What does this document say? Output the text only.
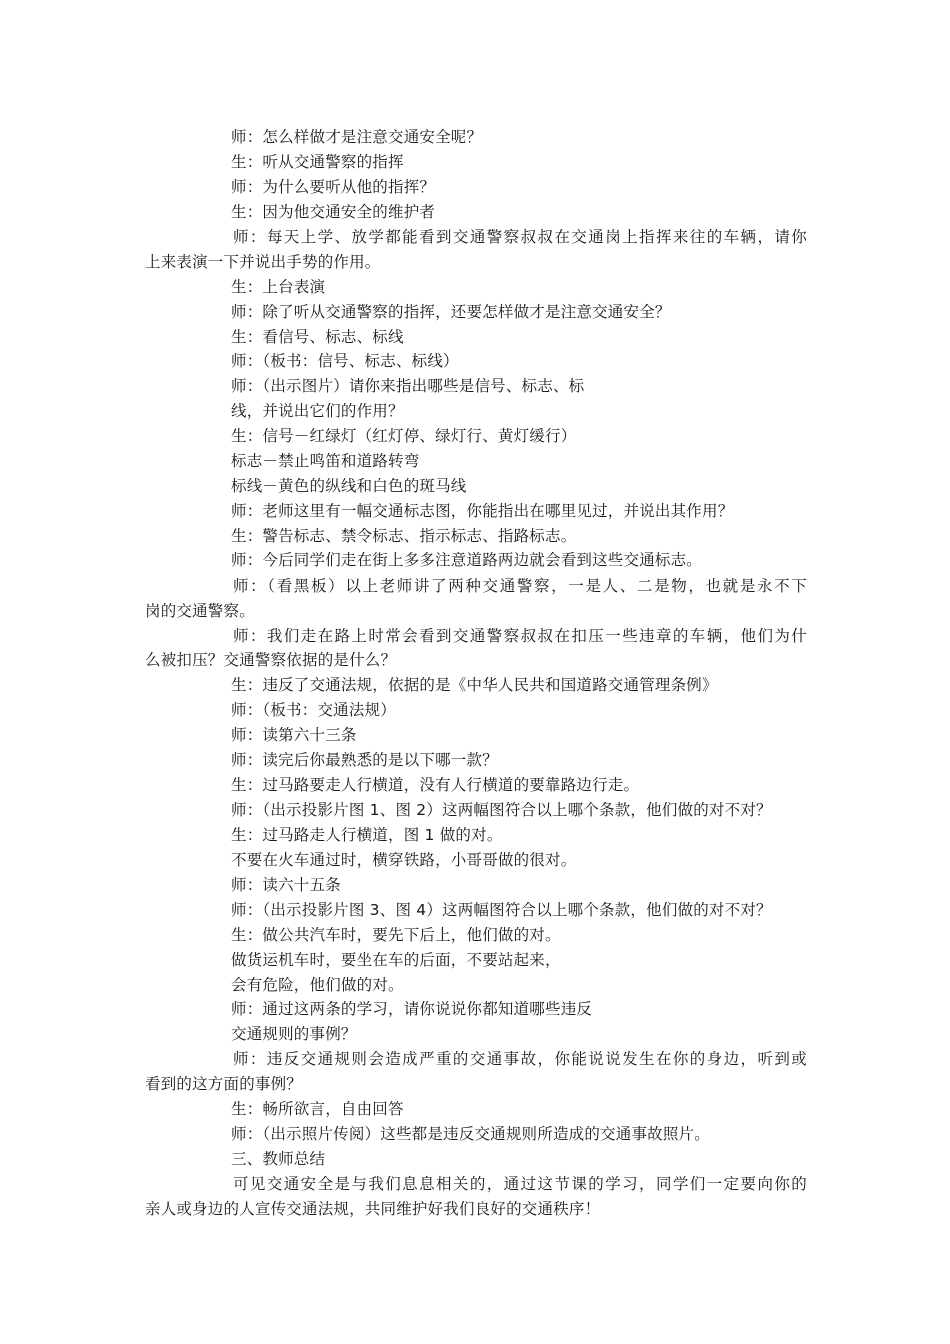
师：怎么样做才是注意交通安全呢？
生：听从交通警察的指挥
师：为什么要听从他的指挥？
生：因为他交通安全的维护者
师：每天上学、放学都能看到交通警察叔叔在交通岗上指挥来往的车辆，请你
上来表演一下并说出手势的作用。
生：上台表演
师：除了听从交通警察的指挥，还要怎样做才是注意交通安全？
生：看信号、标志、标线
师：（板书：信号、标志、标线）
师：（出示图片）请你来指出哪些是信号、标志、标
线，并说出它们的作用？
生：信号－红绿灯（红灯停、绿灯行、黄灯缓行）
标志－禁止鸣笛和道路转弯
标线－黄色的纵线和白色的斑马线
师：老师这里有一幅交通标志图，你能指出在哪里见过，并说出其作用？
生：警告标志、禁令标志、指示标志、指路标志。
师：今后同学们走在街上多多注意道路两边就会看到这些交通标志。
师：（看黑板）以上老师讲了两种交通警察，一是人、二是物，也就是永不下
岗的交通警察。
师：我们走在路上时常会看到交通警察叔叔在扣压一些违章的车辆，他们为什
么被扣压？交通警察依据的是什么？
生：违反了交通法规，依据的是《中华人民共和国道路交通管理条例》
师：（板书：交通法规）
师：读第六十三条
师：读完后你最熟悉的是以下哪一款？
生：过马路要走人行横道，没有人行横道的要靠路边行走。
师：（出示投影片图 1、图 2）这两幅图符合以上哪个条款，他们做的对不对？
生：过马路走人行横道，图 1 做的对。
不要在火车通过时，横穿铁路，小哥哥做的很对。
师：读六十五条
师：（出示投影片图 3、图 4）这两幅图符合以上哪个条款，他们做的对不对？
生：做公共汽车时，要先下后上，他们做的对。
做货运机车时，要坐在车的后面，不要站起来，
会有危险，他们做的对。
师：通过这两条的学习，请你说说你都知道哪些违反
交通规则的事例？
师：违反交通规则会造成严重的交通事故，你能说说发生在你的身边，听到或
看到的这方面的事例？
生：畅所欲言，自由回答
师：（出示照片传阅）这些都是违反交通规则所造成的交通事故照片。
三、教师总结
可见交通安全是与我们息息相关的，通过这节课的学习，同学们一定要向你的
亲人或身边的人宣传交通法规，共同维护好我们良好的交通秩序！
